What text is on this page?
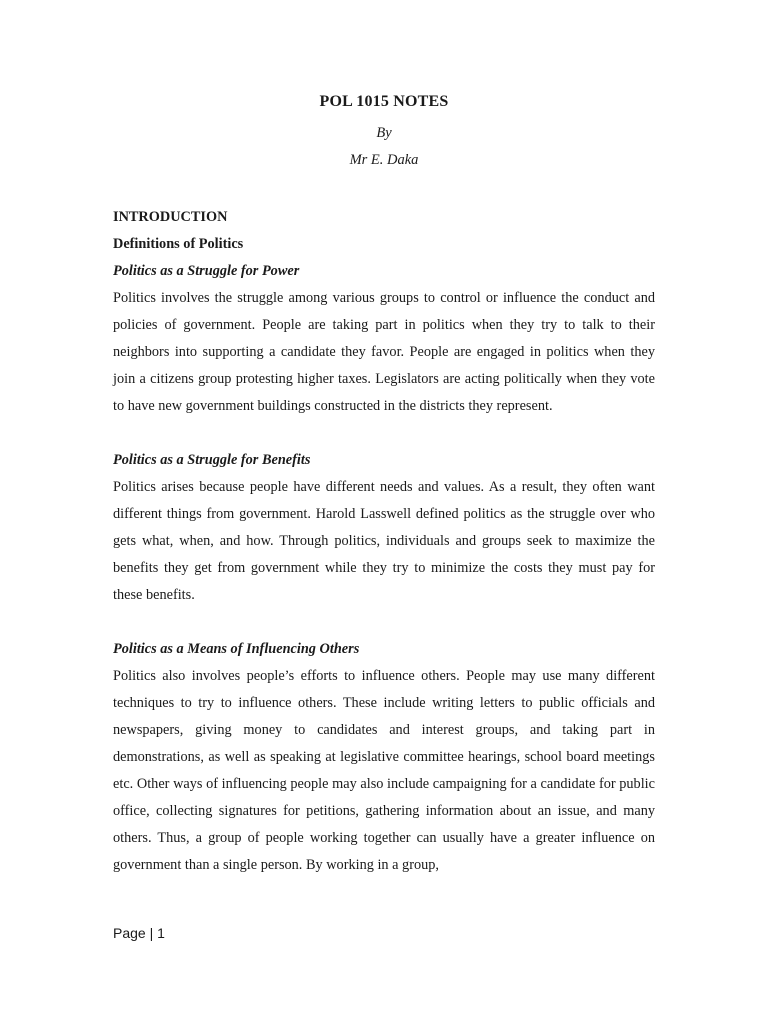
POL 1015 NOTES
By
Mr E. Daka
INTRODUCTION
Definitions of Politics
Politics as a Struggle for Power

Politics involves the struggle among various groups to control or influence the conduct and policies of government. People are taking part in politics when they try to talk to their neighbors into supporting a candidate they favor. People are engaged in politics when they join a citizens group protesting higher taxes. Legislators are acting politically when they vote to have new government buildings constructed in the districts they represent.

Politics as a Struggle for Benefits

Politics arises because people have different needs and values. As a result, they often want different things from government. Harold Lasswell defined politics as the struggle over who gets what, when, and how. Through politics, individuals and groups seek to maximize the benefits they get from government while they try to minimize the costs they must pay for these benefits.

Politics as a Means of Influencing Others

Politics also involves people’s efforts to influence others. People may use many different techniques to try to influence others. These include writing letters to public officials and newspapers, giving money to candidates and interest groups, and taking part in demonstrations, as well as speaking at legislative committee hearings, school board meetings etc. Other ways of influencing people may also include campaigning for a candidate for public office, collecting signatures for petitions, gathering information about an issue, and many others. Thus, a group of people working together can usually have a greater influence on government than a single person. By working in a group,

Page | 1
